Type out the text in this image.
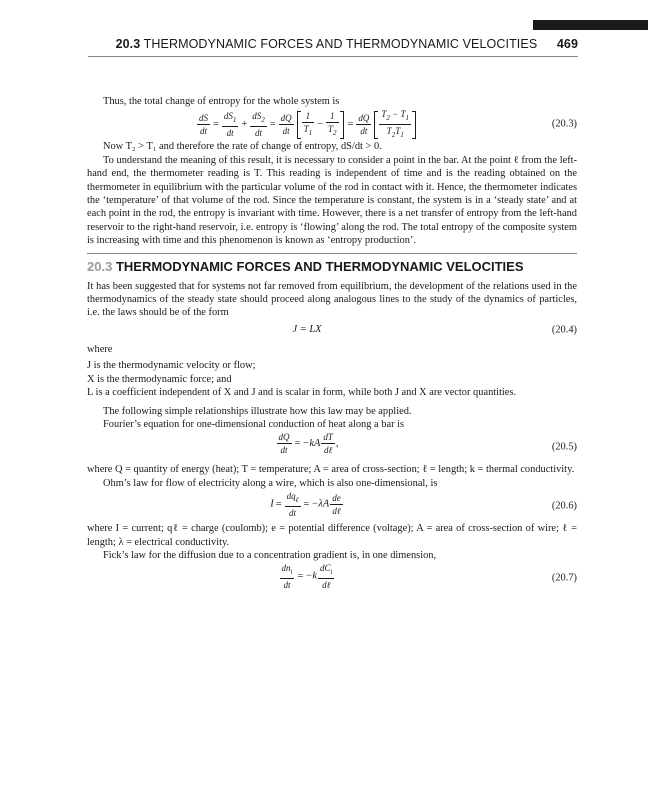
20.3 THERMODYNAMIC FORCES AND THERMODYNAMIC VELOCITIES 469

Thus, the total change of entropy for the whole system is

$\frac{dS}{dt} = \frac{dS_1}{dt} + \frac{dS_2}{dt} = \frac{dQ}{dt} \frac{1}{T_1} - \frac{1}{T_2} = \frac{dQ}{dt} \frac{T_2 - T_1}{T_2T_1}$	(20.3)

Now T₂ > T₁ and therefore the rate of change of entropy, dS/dt > 0.

To understand the meaning of this result, it is necessary to consider a point in the bar. At the point ℓ from the left-hand end, the thermometer reading is T. This reading is independent of time and is the reading obtained on the thermometer in equilibrium with the particular volume of the rod in contact with it. Hence, the thermometer indicates the ‘temperature’ of that volume of the rod. Since the temperature is constant, the system is in a ‘steady state’ and at each point in the rod, the entropy is invariant with time. However, there is a net transfer of entropy from the left-hand reservoir to the right-hand reservoir, i.e. entropy is ‘flowing’ along the rod. The total entropy of the composite system is increasing with time and this phenomenon is known as ‘entropy production’.

20.3 THERMODYNAMIC FORCES AND THERMODYNAMIC VELOCITIES

It has been suggested that for systems not far removed from equilibrium, the development of the relations used in the thermodynamics of the steady state should proceed along analogous lines to the study of the dynamics of particles, i.e. the laws should be of the form

J = LX	(20.4)

where

J is the thermodynamic velocity or flow;
X is the thermodynamic force; and
L is a coefficient independent of X and J and is scalar in form, while both J and X are vector quantities.

The following simple relationships illustrate how this law may be applied.

Fourier’s equation for one-dimensional conduction of heat along a bar is

$\frac{dQ}{dt} = -kA \frac{dT}{\text{dℓ}}$ ,	(20.5)

where Q = quantity of energy (heat); T = temperature; A = area of cross-section; ℓ = length; k = thermal conductivity.

Ohm’s law for flow of electricity along a wire, which is also one-dimensional, is

$I = \frac{dq_\ell}{dt} = -\lambda A \frac{de}{\text{dℓ}}$	(20.6)

where I = current; qℓ = charge (coulomb); e = potential difference (voltage); A = area of cross-section of wire; ℓ = length; λ = electrical conductivity.

Fick’s law for the diffusion due to a concentration gradient is, in one dimension,

$\frac{dn_i}{dt} = -k \frac{dC_i}{\text{dℓ}}$	(20.7)
